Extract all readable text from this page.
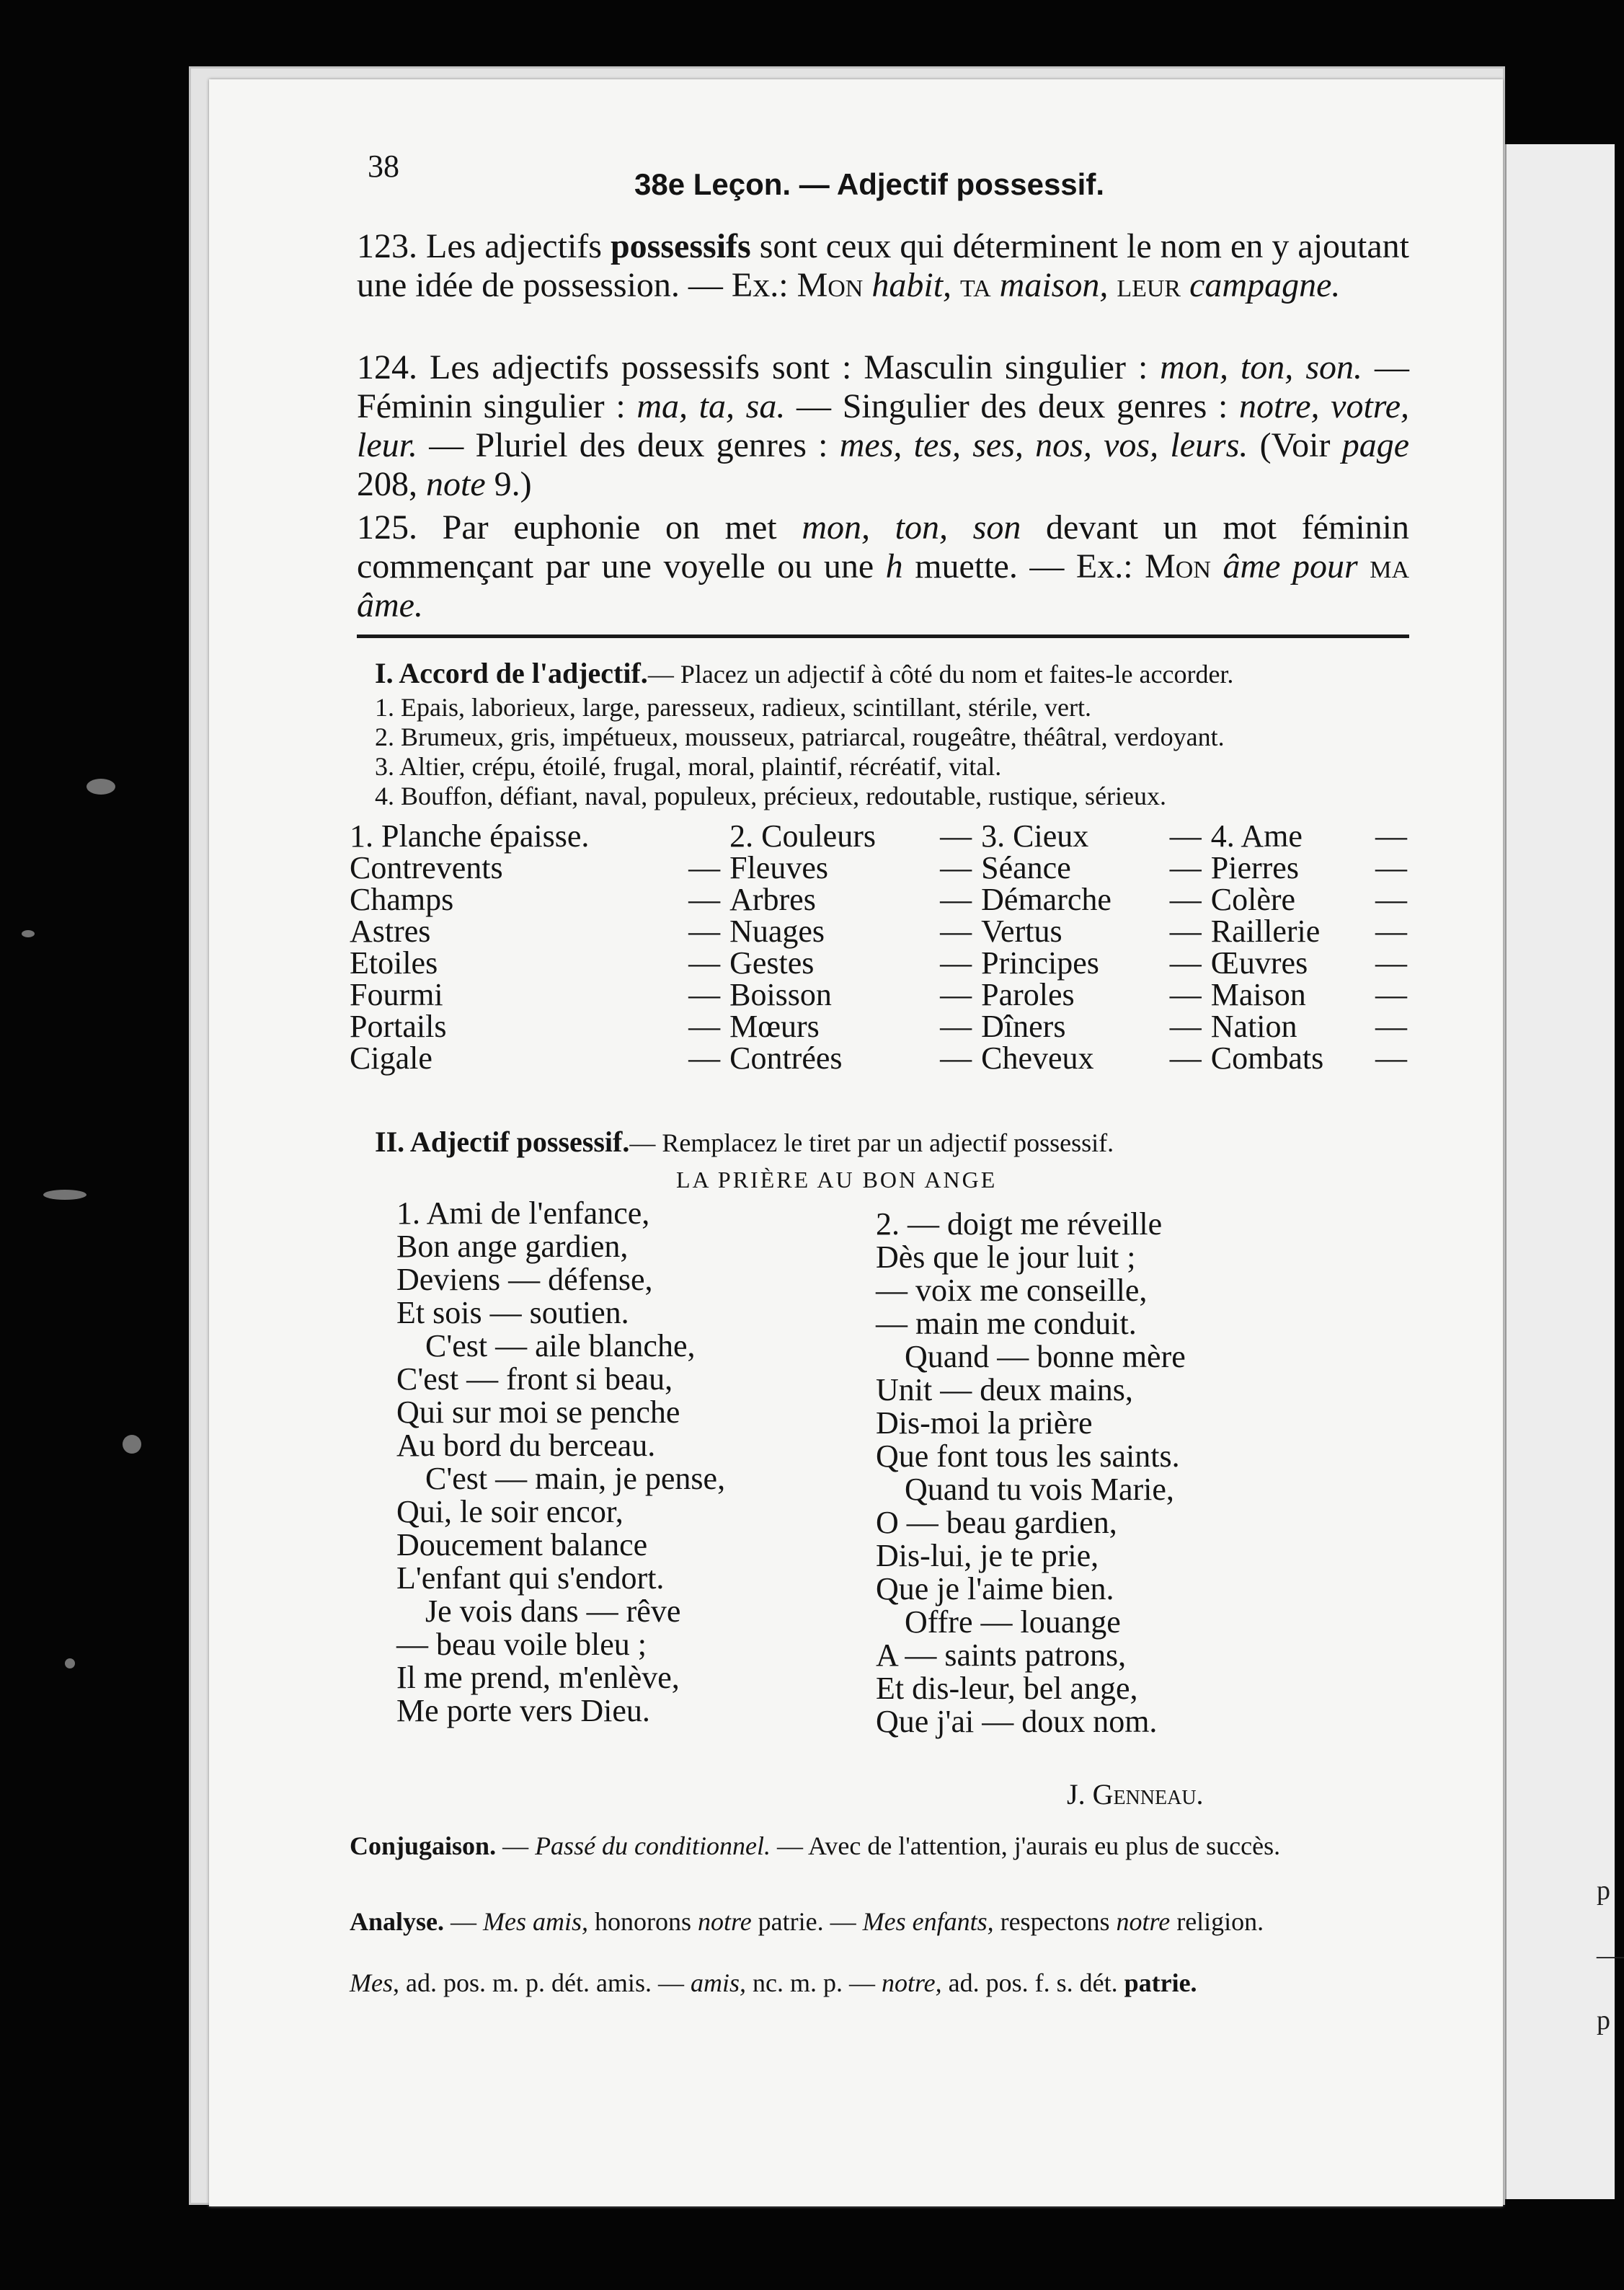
p
—
p
38
38e Leçon. — Adjectif possessif.
123. Les adjectifs possessifs sont ceux qui déterminent le nom en y ajoutant une idée de possession. — Ex.: Mon habit, ta maison, leur campagne.
124. Les adjectifs possessifs sont : Masculin singulier : mon, ton, son. — Féminin singulier : ma, ta, sa. — Singulier des deux genres : notre, votre, leur. — Pluriel des deux genres : mes, tes, ses, nos, vos, leurs. (Voir page 208, note 9.)
125. Par euphonie on met mon, ton, son devant un mot féminin commençant par une voyelle ou une h muette. — Ex.: Mon âme pour ma âme.
I. Accord de l'adjectif.— Placez un adjectif à côté du nom et faites-le accorder.
1. Epais, laborieux, large, paresseux, radieux, scintillant, stérile, vert.
2. Brumeux, gris, impétueux, mousseux, patriarcal, rougeâtre, théâtral, verdoyant.
3. Altier, crépu, étoilé, frugal, moral, plaintif, récréatif, vital.
4. Bouffon, défiant, naval, populeux, précieux, redoutable, rustique, sérieux.
1. Planche épaisse.		2. Couleurs	—	3. Cieux	—	4. Ame	—
Contrevents	—	Fleuves	—	Séance	—	Pierres	—
Champs	—	Arbres	—	Démarche	—	Colère	—
Astres	—	Nuages	—	Vertus	—	Raillerie	—
Etoiles	—	Gestes	—	Principes	—	Œuvres	—
Fourmi	—	Boisson	—	Paroles	—	Maison	—
Portails	—	Mœurs	—	Dîners	—	Nation	—
Cigale	—	Contrées	—	Cheveux	—	Combats	—
II. Adjectif possessif.— Remplacez le tiret par un adjectif possessif.
LA PRIÈRE AU BON ANGE
1. Ami de l'enfance,
Bon ange gardien,
Deviens — défense,
Et sois — soutien.
C'est — aile blanche,
C'est — front si beau,
Qui sur moi se penche
Au bord du berceau.
C'est — main, je pense,
Qui, le soir encor,
Doucement balance
L'enfant qui s'endort.
Je vois dans — rêve
— beau voile bleu ;
Il me prend, m'enlève,
Me porte vers Dieu.
2. — doigt me réveille
Dès que le jour luit ;
— voix me conseille,
— main me conduit.
Quand — bonne mère
Unit — deux mains,
Dis-moi la prière
Que font tous les saints.
Quand tu vois Marie,
O — beau gardien,
Dis-lui, je te prie,
Que je l'aime bien.
Offre — louange
A — saints patrons,
Et dis-leur, bel ange,
Que j'ai — doux nom.
J. Genneau.
Conjugaison. — Passé du conditionnel. — Avec de l'attention, j'aurais eu plus de succès.
Analyse. — Mes amis, honorons notre patrie. — Mes enfants, respectons notre religion.
Mes, ad. pos. m. p. dét. amis. — amis, nc. m. p. — notre, ad. pos. f. s. dét. patrie.
